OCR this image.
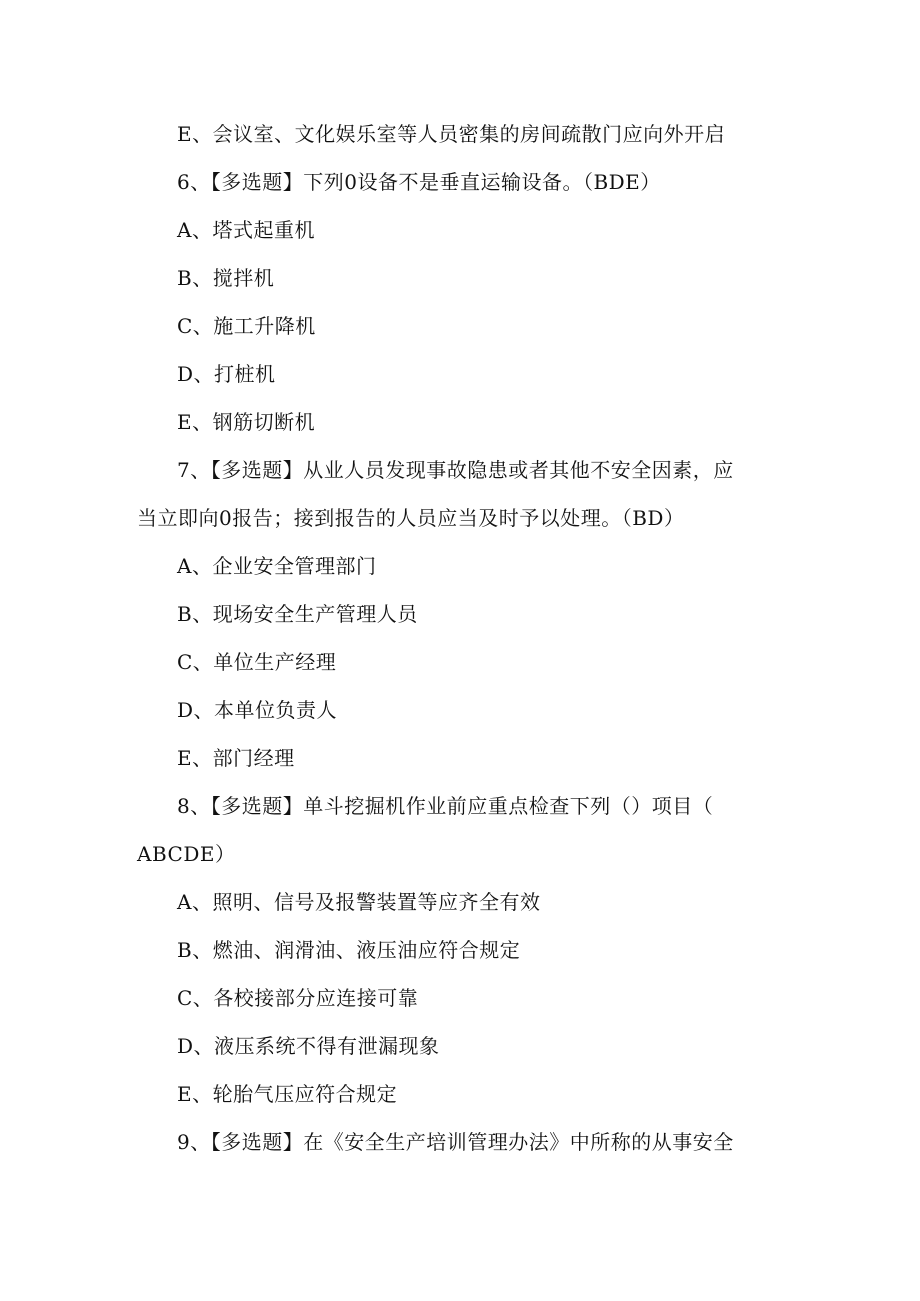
E、会议室、文化娱乐室等人员密集的房间疏散门应向外开启
6、【多选题】下列0设备不是垂直运输设备。（BDE）
A、塔式起重机
B、搅拌机
C、施工升降机
D、打桩机
E、钢筋切断机
7、【多选题】从业人员发现事故隐患或者其他不安全因素，应
当立即向0报告；接到报告的人员应当及时予以处理。（BD）
A、企业安全管理部门
B、现场安全生产管理人员
C、单位生产经理
D、本单位负责人
E、部门经理
8、【多选题】单斗挖掘机作业前应重点检查下列（）项目（
ABCDE）
A、照明、信号及报警装置等应齐全有效
B、燃油、润滑油、液压油应符合规定
C、各校接部分应连接可靠
D、液压系统不得有泄漏现象
E、轮胎气压应符合规定
9、【多选题】在《安全生产培训管理办法》中所称的从事安全
